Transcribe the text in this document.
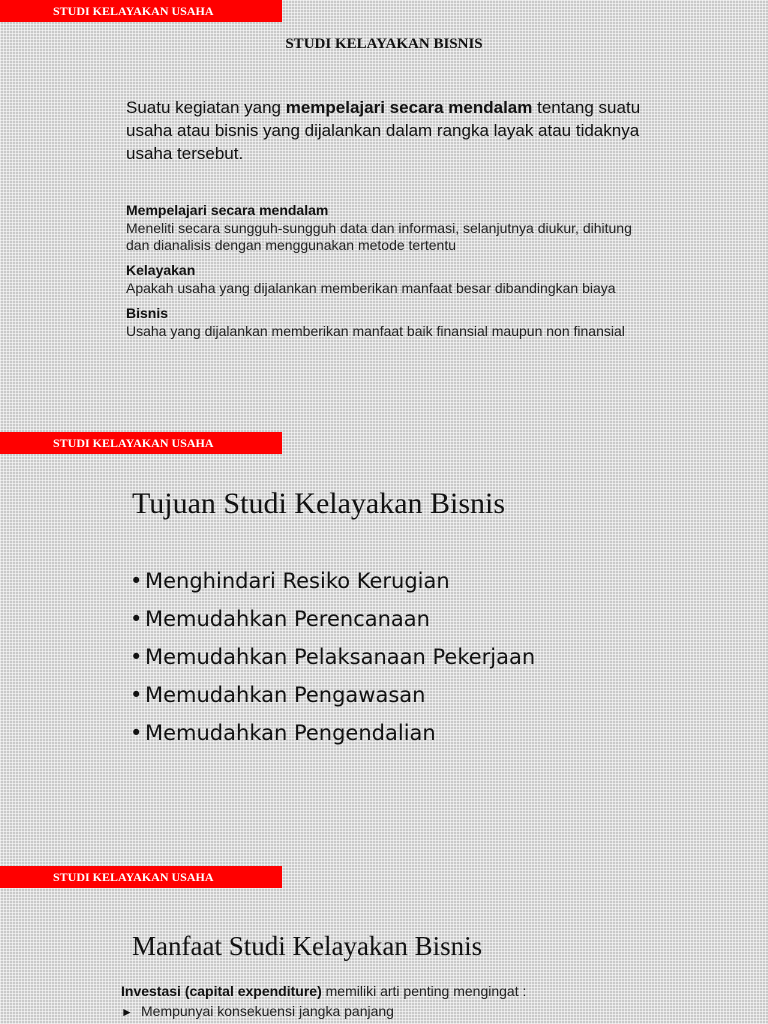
STUDI KELAYAKAN USAHA
STUDI KELAYAKAN BISNIS

Suatu kegiatan yang mempelajari secara mendalam tentang suatu usaha atau bisnis yang dijalankan dalam rangka layak atau tidaknya usaha tersebut.

Mempelajari secara mendalam

Meneliti secara sungguh-sungguh data dan informasi, selanjutnya diukur, dihitung dan dianalisis dengan menggunakan metode tertentu

Kelayakan

Apakah usaha yang dijalankan memberikan manfaat besar dibandingkan biaya

Bisnis

Usaha yang dijalankan memberikan manfaat baik finansial maupun non finansial

STUDI KELAYAKAN USAHA
Tujuan Studi Kelayakan Bisnis
• Menghindari Resiko Kerugian
• Memudahkan Perencanaan
• Memudahkan Pelaksanaan Pekerjaan
• Memudahkan Pengawasan
• Memudahkan Pengendalian
STUDI KELAYAKAN USAHA
Manfaat Studi Kelayakan Bisnis
Investasi (capital expenditure) memiliki arti penting mengingat :
► Mempunyai konsekuensi jangka panjang
